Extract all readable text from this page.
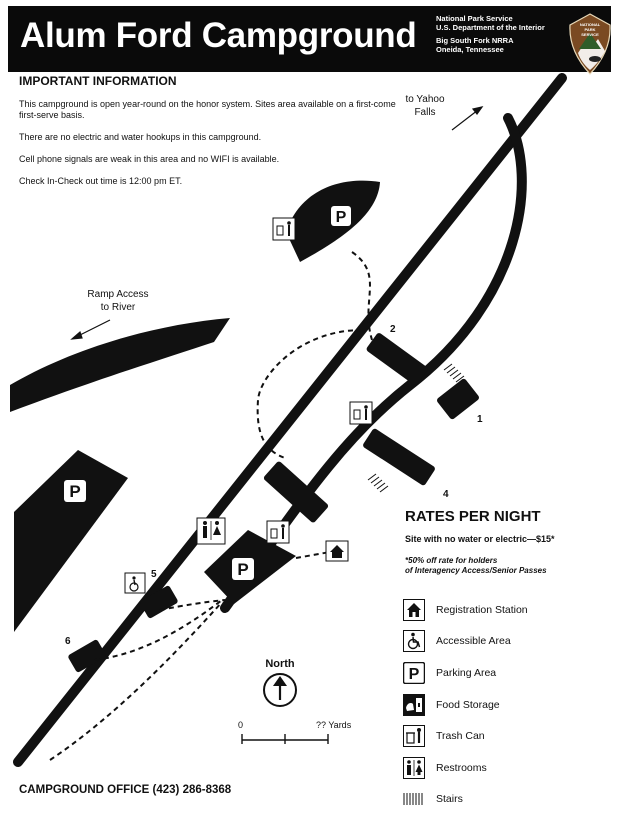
Alum Ford Campground	National Park Service
U.S. Department of the Interior
Big South Fork NRRA
Oneida, Tennessee
NATIONAL
PARK
SERVICE
P
P
P
IMPORTANT INFORMATION

This campground is open year-round on the honor system. Sites area available on a first-come first-serve basis.

There are no electric and water hookups in this campground.

Cell phone signals are weak in this area and no WIFI is available.

Check In-Check out time is 12:00 pm ET.

to Yahoo
Falls
Ramp Access
to River
2
1
4
3
5
6
RATES PER NIGHT
Site with no water or electric—$15*
*50% off rate for holders
of Interagency Access/Senior Passes
Registration Station
Accessible Area
P Parking Area
Food Storage
Trash Can
Restrooms
Stairs
North
0	?? Yards
CAMPGROUND OFFICE (423) 286-8368
